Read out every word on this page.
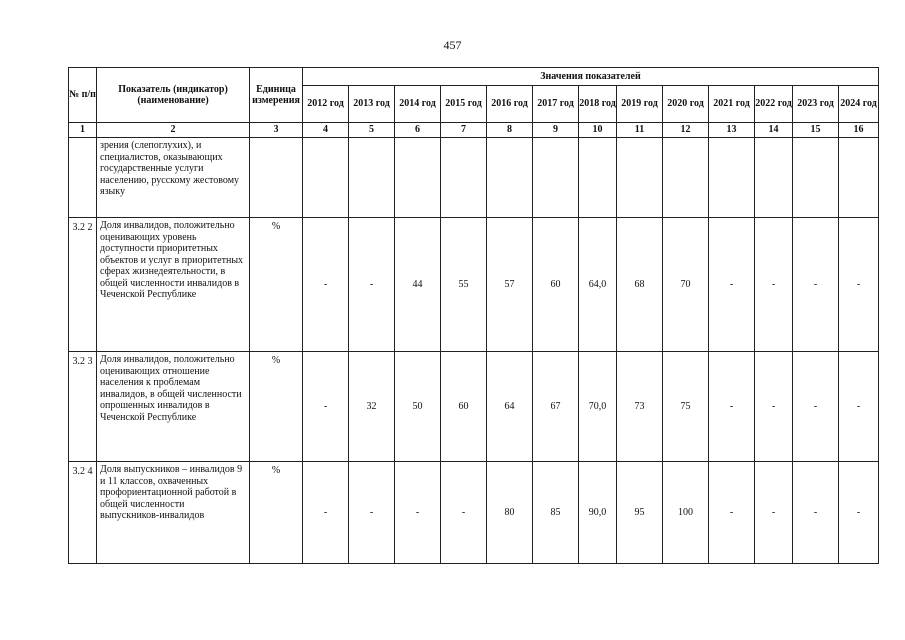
457
№ п/п	Показатель (индикатор) (наименование)	Единица измерения	Значения показателей												
			2012 год	2013 год	2014 год	2015 год	2016 год	2017 год	2018 год	2019 год	2020 год	2021 год	2022 год	2023 год	2024 год
1	2	3	4	5	6	7	8	9	10	11	12	13	14	15	16
	зрения (слепоглухих), и специалистов, оказывающих государственные услуги населению, русскому жестовому языку														
3.2 2	Доля инвалидов, положительно оценивающих уровень доступности приоритетных объектов и услуг в приоритетных сферах жизнедеятельности, в общей численности инвалидов в Чеченской Республике	%	-	-	44	55	57	60	64,0	68	70	-	-	-	-
3.2 3	Доля инвалидов, положительно оценивающих отношение населения к проблемам инвалидов, в общей численности опрошенных инвалидов в Чеченской Республике	%	-	32	50	60	64	67	70,0	73	75	-	-	-	-
3.2 4	Доля выпускников – инвалидов 9 и 11 классов, охваченных профориентационной работой в общей численности выпускников-инвалидов	%	-	-	-	-	80	85	90,0	95	100	-	-	-	-
